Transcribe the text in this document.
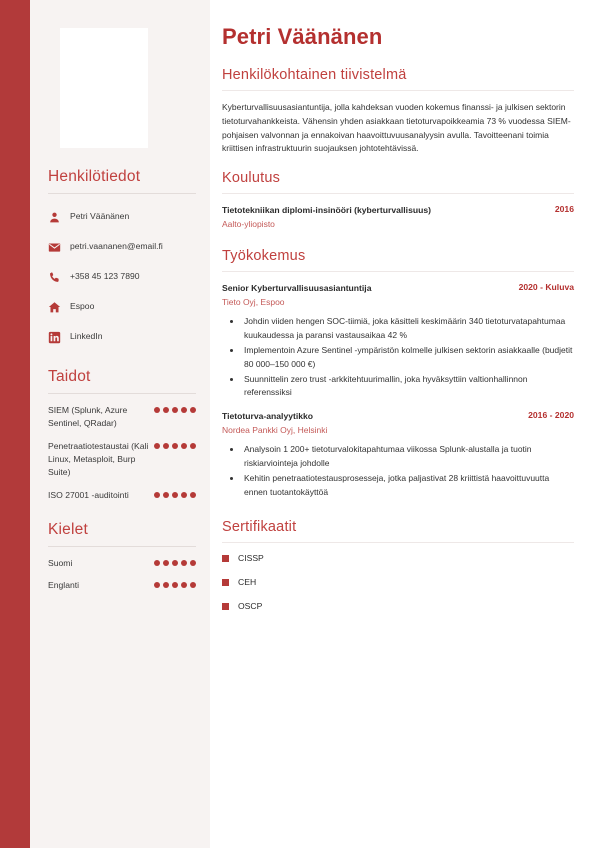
Henkilötiedot
Petri Väänänen
petri.vaananen@email.fi
+358 45 123 7890
Espoo
LinkedIn
Taidot
SIEM (Splunk, Azure Sentinel, QRadar)
Penetraatiotestaustai (Kali Linux, Metasploit, Burp Suite)
ISO 27001 -auditointi
Kielet
Suomi
Englanti
Petri Väänänen
Henkilökohtainen tiivistelmä

Kyberturvallisuusasiantuntija, jolla kahdeksan vuoden kokemus finanssi- ja julkisen sektorin tietoturvahankkeista. Vähensin yhden asiakkaan tietoturvapoikkeamia 73 % vuodessa SIEM-pohjaisen valvonnan ja ennakoivan haavoittuvuusanalyysin avulla. Tavoitteenani toimia kriittisen infrastruktuurin suojauksen johtotehtävissä.

Koulutus
Tietotekniikan diplomi-insinööri (kyberturvallisuus)	2016
Aalto-yliopisto
Työkokemus
Senior Kyberturvallisuusasiantuntija	2020 - Kuluva
Tieto Oyj, Espoo
• Johdin viiden hengen SOC-tiimiä, joka käsitteli keskimäärin 340 tietoturvatapahtumaa kuukaudessa ja paransi vastausaikaa 42 %
• Implementoin Azure Sentinel -ympäristön kolmelle julkisen sektorin asiakkaalle (budjetit 80 000–150 000 €)
• Suunnittelin zero trust -arkkitehtuurimallin, joka hyväksyttiin valtionhallinnon referenssiksi
Tietoturva-analyytikko	2016 - 2020
Nordea Pankki Oyj, Helsinki
• Analysoin 1 200+ tietoturvalokitapahtumaa viikossa Splunk-alustalla ja tuotin riskiarviointeja johdolle
• Kehitin penetraatiotestausprosesseja, jotka paljastivat 28 kriittistä haavoittuvuutta ennen tuotantokäyttöä
Sertifikaatit
CISSP
CEH
OSCP
